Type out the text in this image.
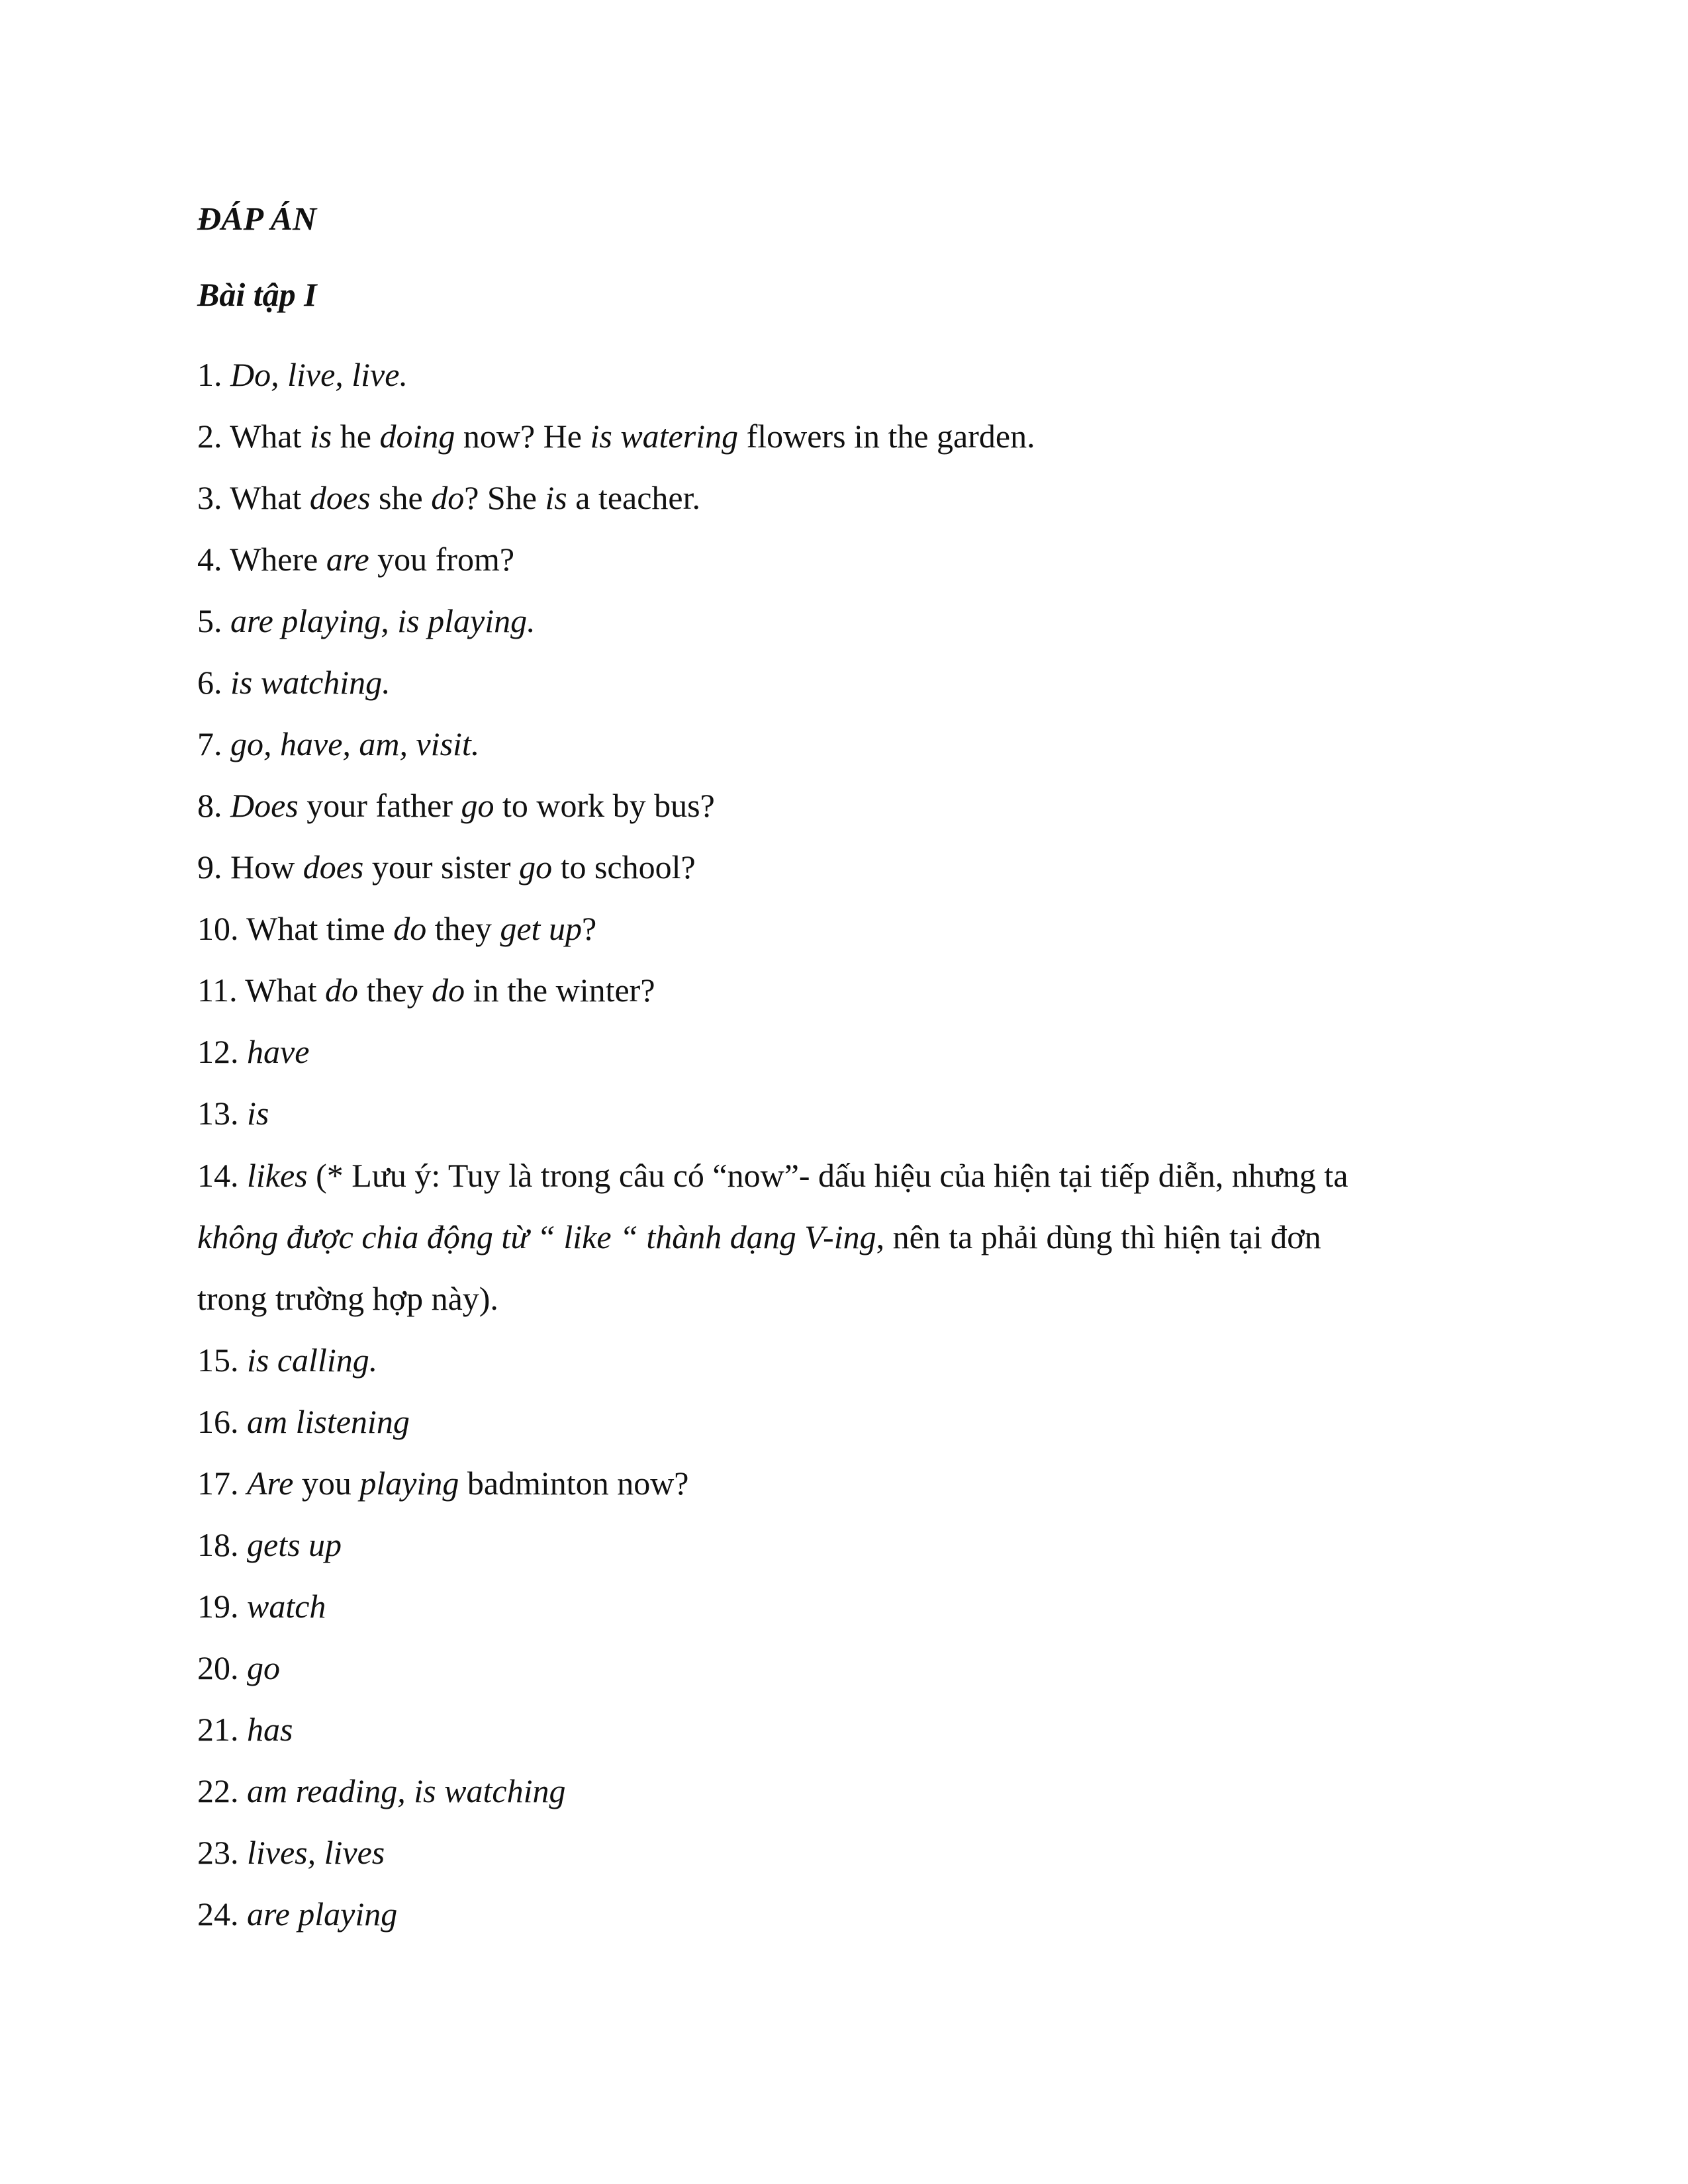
ĐÁP ÁN
Bài tập I
1. Do, live, live.
2. What is he doing now? He is watering flowers in the garden.
3. What does she do? She is a teacher.
4. Where are you from?
5. are playing, is playing.
6. is watching.
7. go, have, am, visit.
8. Does your father go to work by bus?
9. How does your sister go to school?
10. What time do they get up?
11. What do they do in the winter?
12. have
13. is
14. likes (* Lưu ý: Tuy là trong câu có “now”- dấu hiệu của hiện tại tiếp diễn, nhưng ta
không được chia động từ “ like “ thành dạng V-ing, nên ta phải dùng thì hiện tại đơn
trong trường hợp này).
15. is calling.
16. am listening
17. Are you playing badminton now?
18. gets up
19. watch
20. go
21. has
22. am reading, is watching
23. lives, lives
24. are playing
